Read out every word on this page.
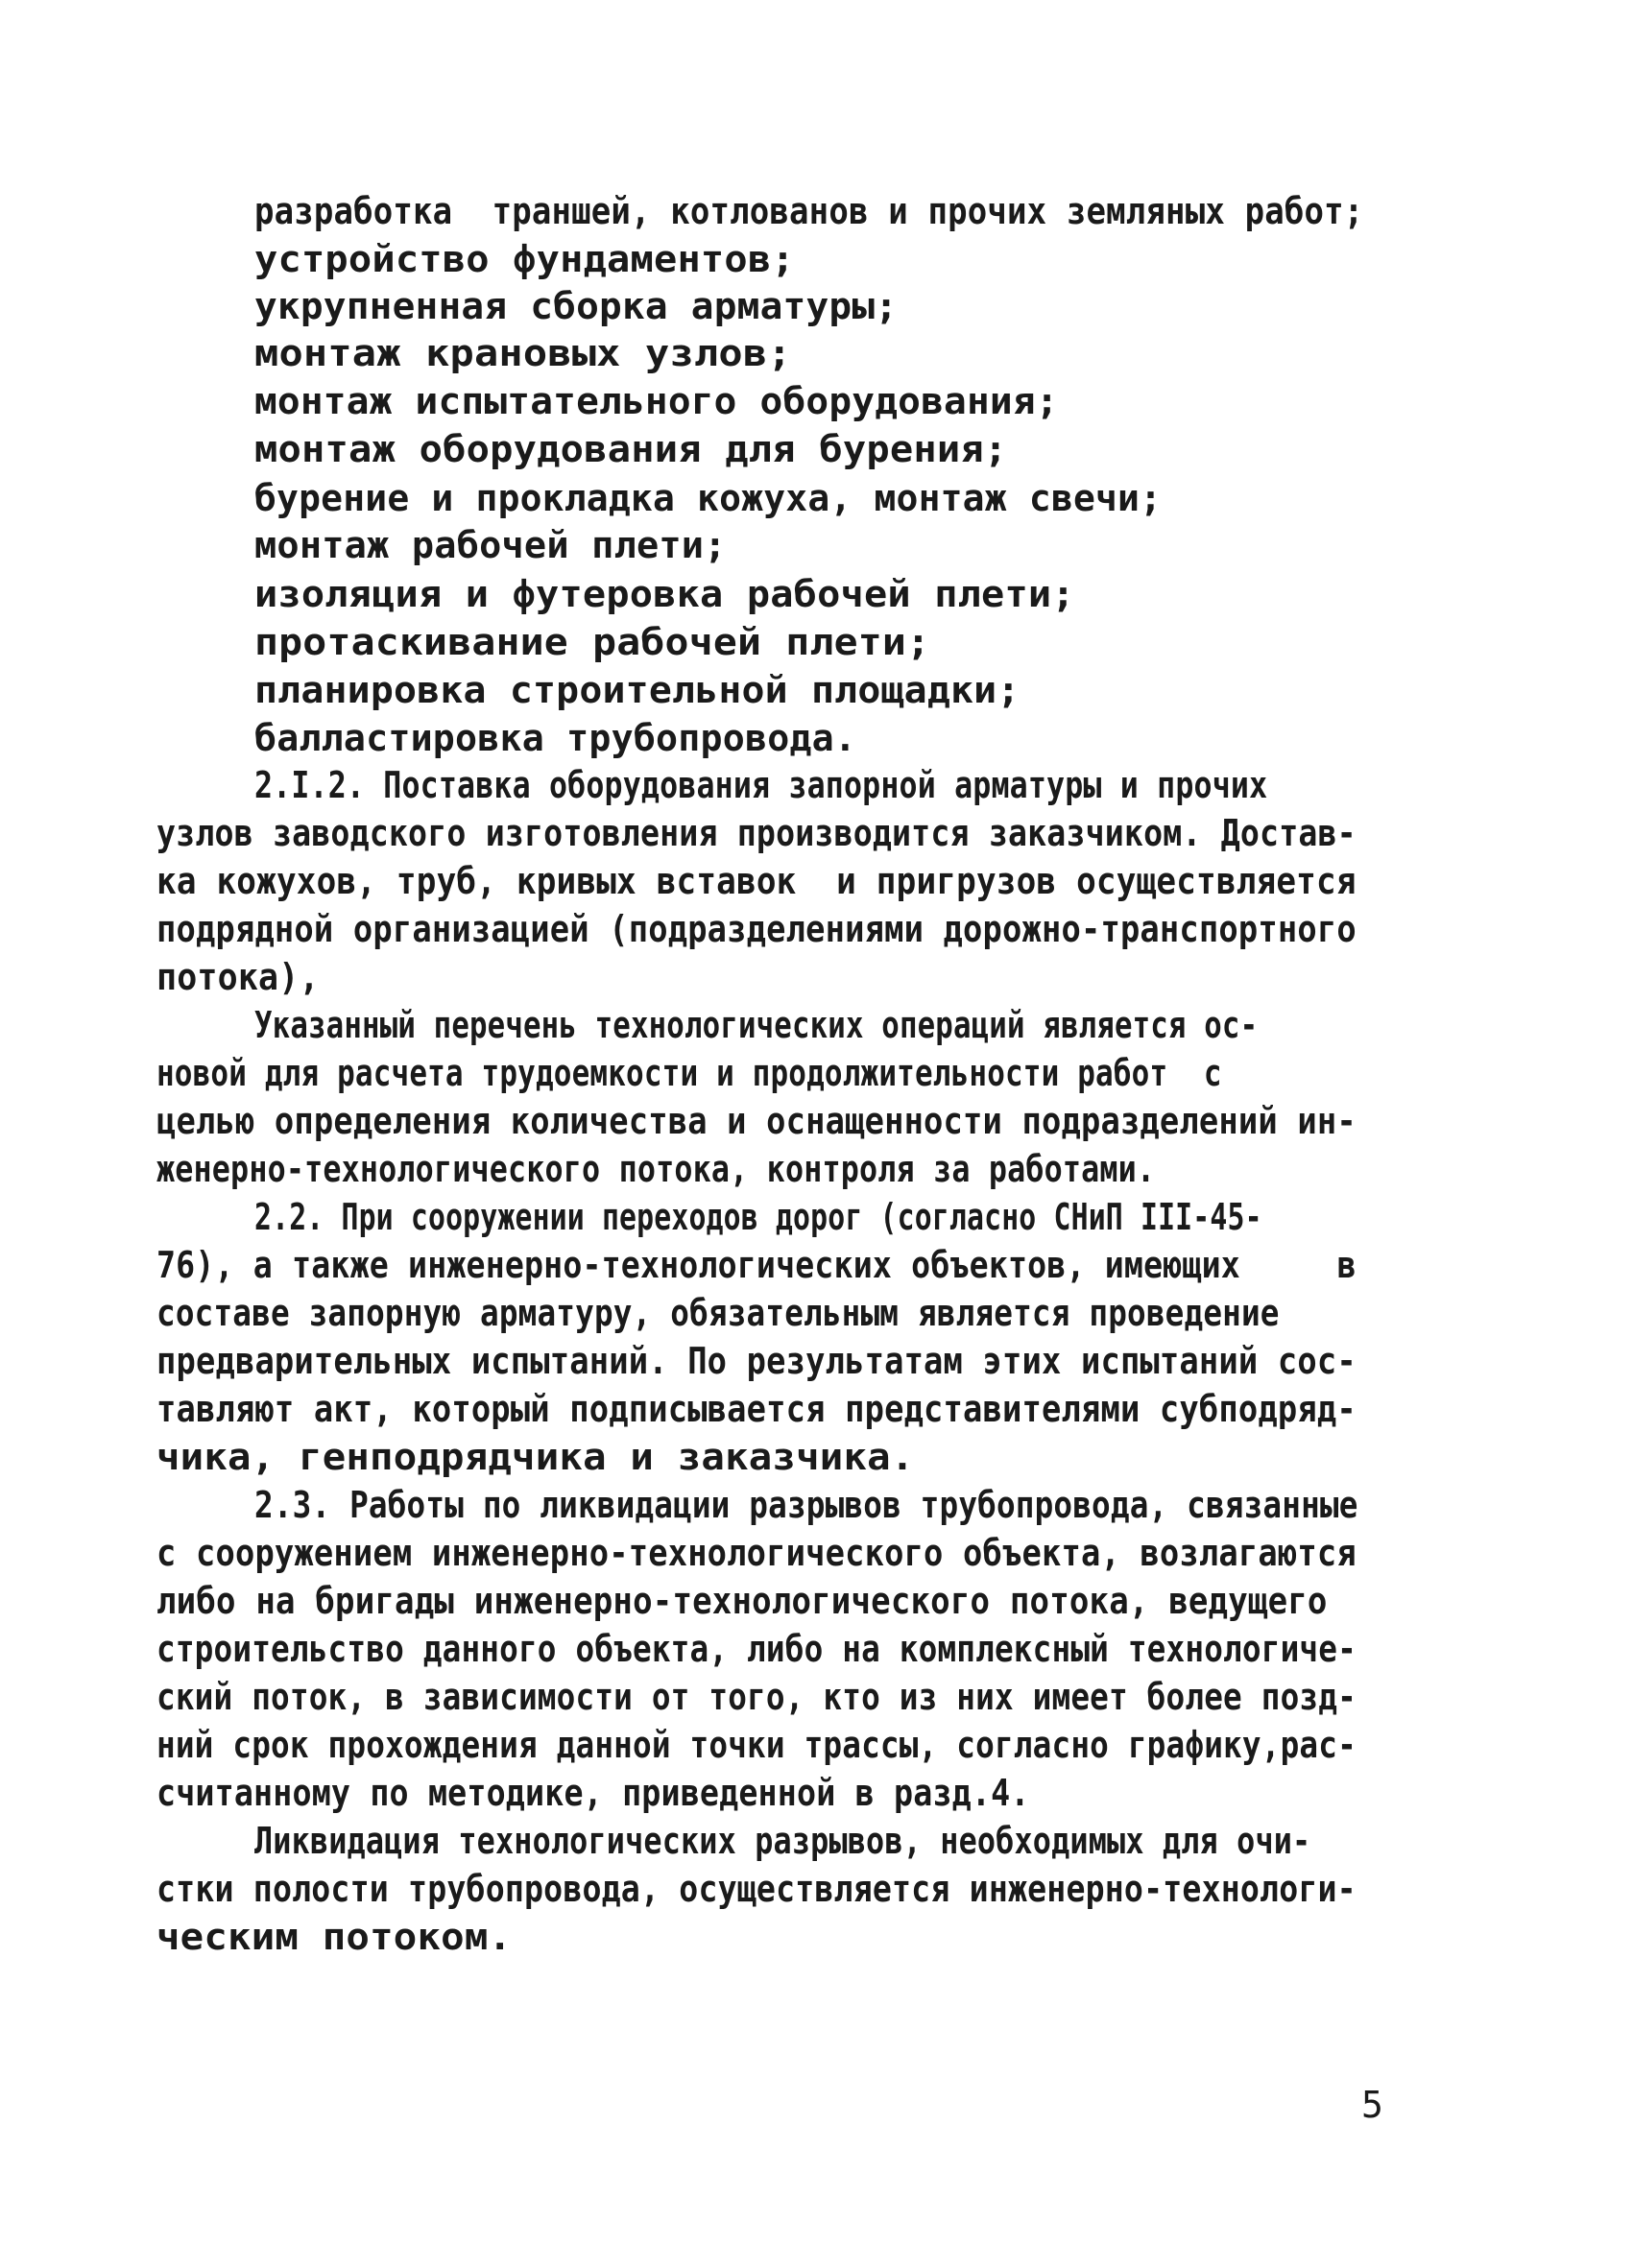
разработка  траншей, котлованов и прочих земляных работ;
устройство фундаментов;
укрупненная сборка арматуры;
монтаж крановых узлов;
монтаж испытательного оборудования;
монтаж оборудования для бурения;
бурение и прокладка кожуха, монтаж свечи;
монтаж рабочей плети;
изоляция и футеровка рабочей плети;
протаскивание рабочей плети;
планировка строительной площадки;
балластировка трубопровода.
2.I.2. Поставка оборудования запорной арматуры и прочих
узлов заводского изготовления производится заказчиком. Достав-
ка кожухов, труб, кривых вставок  и пригрузов осуществляется
подрядной организацией (подразделениями дорожно-транспортного
потока),
Указанный перечень технологических операций является ос-
новой для расчета трудоемкости и продолжительности работ  с
целью определения количества и оснащенности подразделений ин-
женерно-технологического потока, контроля за работами.
2.2. При сооружении переходов дорог (согласно СНиП III-45-
76), а также инженерно-технологических объектов, имеющих     в
составе запорную арматуру, обязательным является проведение
предварительных испытаний. По результатам этих испытаний сос-
тавляют акт, который подписывается представителями субподряд-
чика, генподрядчика и заказчика.
2.3. Работы по ликвидации разрывов трубопровода, связанные
с сооружением инженерно-технологического объекта, возлагаются
либо на бригады инженерно-технологического потока, ведущего
строительство данного объекта, либо на комплексный технологиче-
ский поток, в зависимости от того, кто из них имеет более позд-
ний срок прохождения данной точки трассы, согласно графику,рас-
считанному по методике, приведенной в разд.4.
Ликвидация технологических разрывов, необходимых для очи-
стки полости трубопровода, осуществляется инженерно-технологи-
ческим потоком.
5
